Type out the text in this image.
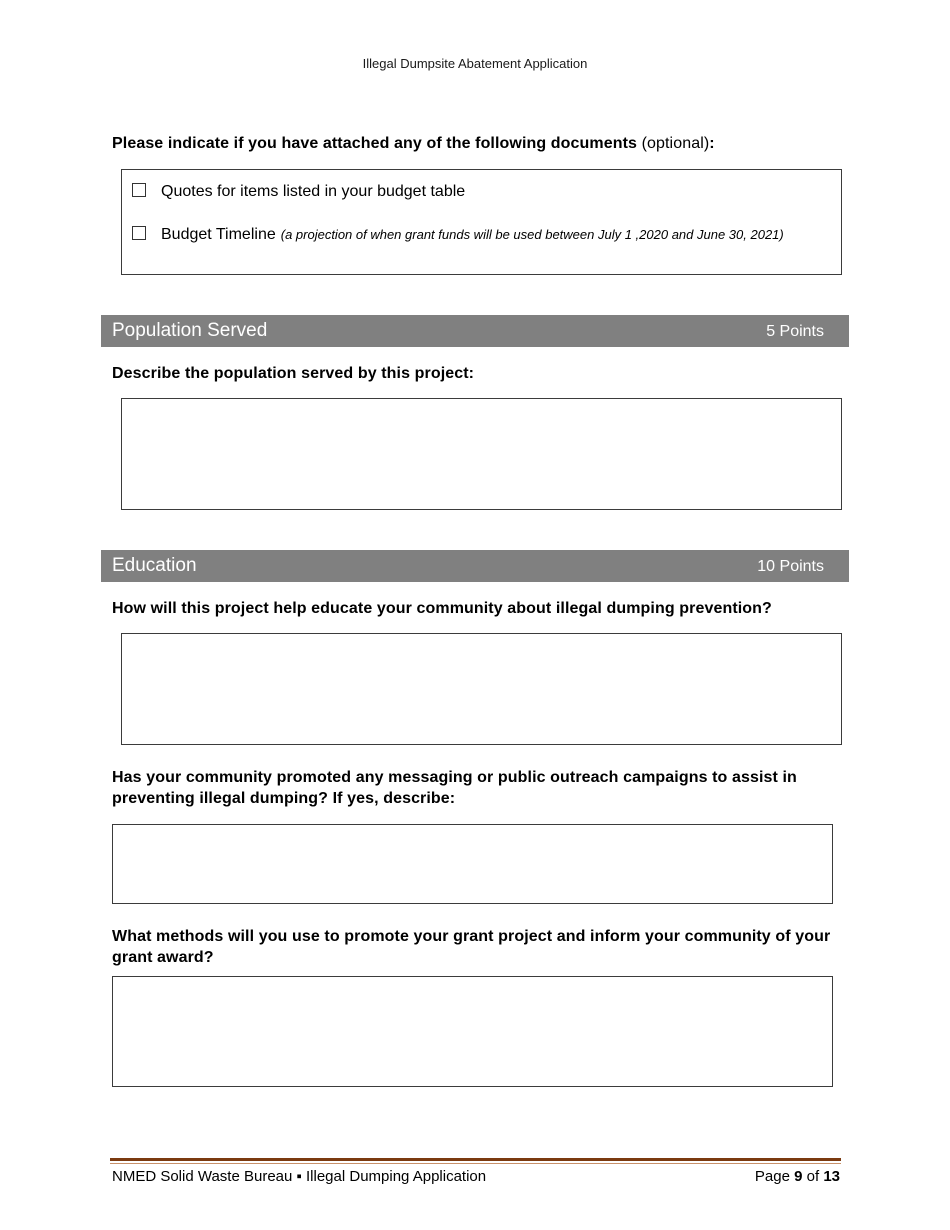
Illegal Dumpsite Abatement Application
Please indicate if you have attached any of the following documents (optional):
Quotes for items listed in your budget table
Budget Timeline (a projection of when grant funds will be used between July 1 ,2020 and June 30, 2021)
Population Served	5 Points
Describe the population served by this project:
Education	10 Points
How will this project help educate your community about illegal dumping prevention?
Has your community promoted any messaging or public outreach campaigns to assist in preventing illegal dumping? If yes, describe:
What methods will you use to promote your grant project and inform your community of your grant award?
NMED Solid Waste Bureau ▪ Illegal Dumping Application	Page 9 of 13
